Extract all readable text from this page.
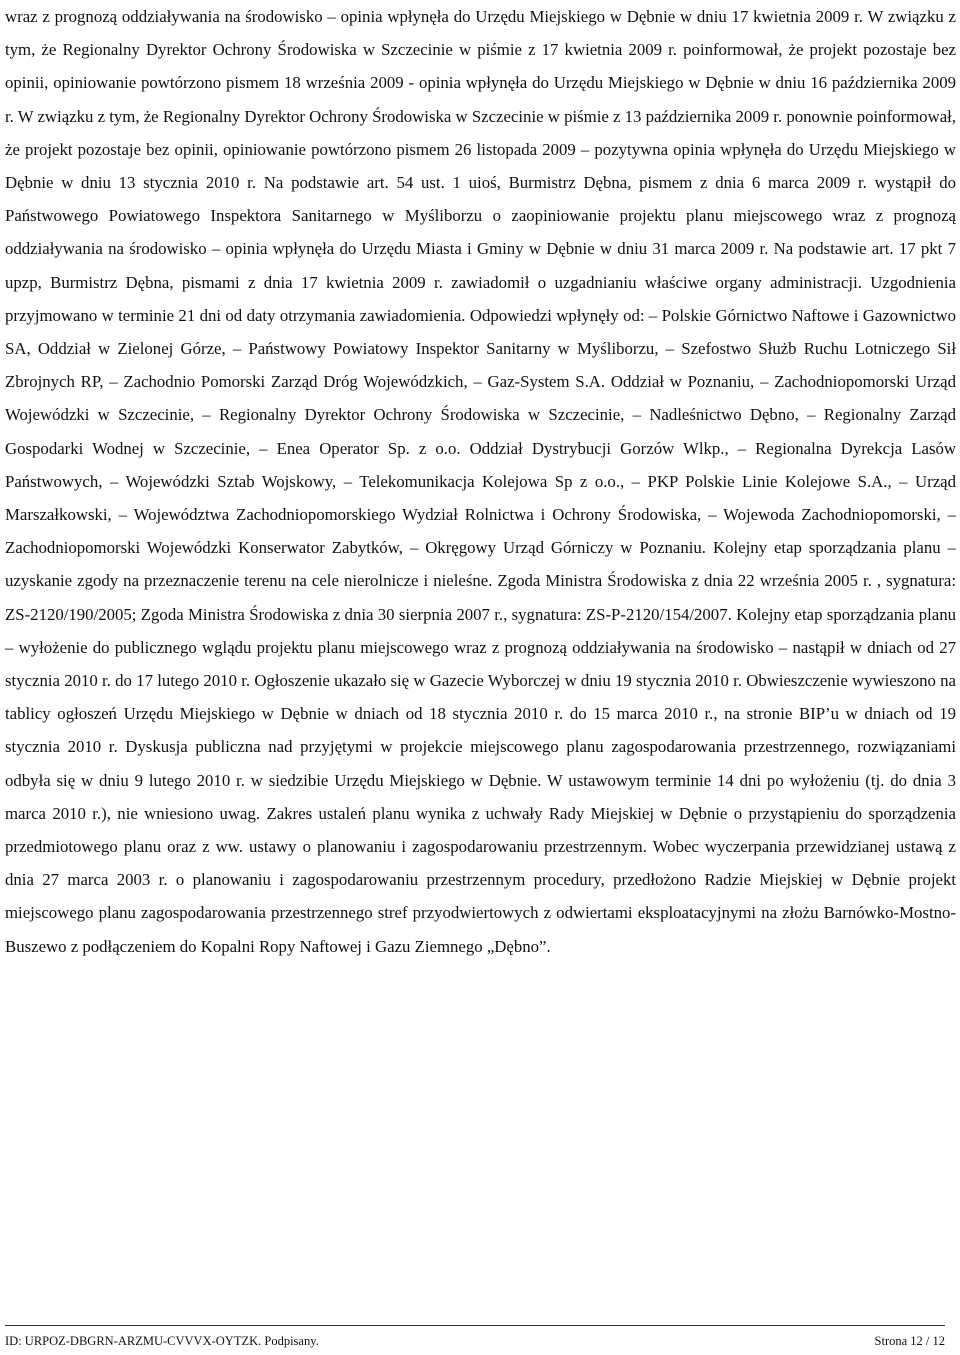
wraz z prognozą oddziaływania na środowisko – opinia wpłynęła do Urzędu Miejskiego w Dębnie w dniu 17 kwietnia 2009 r. W związku z tym, że Regionalny Dyrektor Ochrony Środowiska w Szczecinie w piśmie z 17 kwietnia 2009 r. poinformował, że projekt pozostaje bez opinii, opiniowanie powtórzono pismem 18 września 2009 - opinia wpłynęła do Urzędu Miejskiego w Dębnie w dniu 16 października 2009 r. W związku z tym, że Regionalny Dyrektor Ochrony Środowiska w Szczecinie w piśmie z 13 października 2009 r. ponownie poinformował, że projekt pozostaje bez opinii, opiniowanie powtórzono pismem 26 listopada 2009 – pozytywna opinia wpłynęła do Urzędu Miejskiego w Dębnie w dniu 13 stycznia 2010 r. Na podstawie art. 54 ust. 1 uioś, Burmistrz Dębna, pismem z dnia 6 marca 2009 r. wystąpił do Państwowego Powiatowego Inspektora Sanitarnego w Myśliborzu o zaopiniowanie projektu planu miejscowego wraz z prognozą oddziaływania na środowisko – opinia wpłynęła do Urzędu Miasta i Gminy w Dębnie w dniu 31 marca 2009 r. Na podstawie art. 17 pkt 7 upzp, Burmistrz Dębna, pismami z dnia 17 kwietnia 2009 r. zawiadomił o uzgadnianiu właściwe organy administracji. Uzgodnienia przyjmowano w terminie 21 dni od daty otrzymania zawiadomienia. Odpowiedzi wpłynęły od: – Polskie Górnictwo Naftowe i Gazownictwo SA, Oddział w Zielonej Górze, – Państwowy Powiatowy Inspektor Sanitarny w Myśliborzu, – Szefostwo Służb Ruchu Lotniczego Sił Zbrojnych RP, – Zachodnio Pomorski Zarząd Dróg Wojewódzkich, – Gaz-System S.A. Oddział w Poznaniu, – Zachodniopomorski Urząd Wojewódzki w Szczecinie, – Regionalny Dyrektor Ochrony Środowiska w Szczecinie, – Nadleśnictwo Dębno, – Regionalny Zarząd Gospodarki Wodnej w Szczecinie, – Enea Operator Sp. z o.o. Oddział Dystrybucji Gorzów Wlkp., – Regionalna Dyrekcja Lasów Państwowych, – Wojewódzki Sztab Wojskowy, – Telekomunikacja Kolejowa Sp z o.o., – PKP Polskie Linie Kolejowe S.A., – Urząd Marszałkowski, – Województwa Zachodniopomorskiego Wydział Rolnictwa i Ochrony Środowiska, – Wojewoda Zachodniopomorski, – Zachodniopomorski Wojewódzki Konserwator Zabytków, – Okręgowy Urząd Górniczy w Poznaniu. Kolejny etap sporządzania planu – uzyskanie zgody na przeznaczenie terenu na cele nierolnicze i nieleśne. Zgoda Ministra Środowiska z dnia 22 września 2005 r. , sygnatura: ZS-2120/190/2005; Zgoda Ministra Środowiska z dnia 30 sierpnia 2007 r., sygnatura: ZS-P-2120/154/2007. Kolejny etap sporządzania planu – wyłożenie do publicznego wglądu projektu planu miejscowego wraz z prognozą oddziaływania na środowisko – nastąpił w dniach od 27 stycznia 2010 r. do 17 lutego 2010 r. Ogłoszenie ukazało się w Gazecie Wyborczej w dniu 19 stycznia 2010 r. Obwieszczenie wywieszono na tablicy ogłoszeń Urzędu Miejskiego w Dębnie w dniach od 18 stycznia 2010 r. do 15 marca 2010 r., na stronie BIP’u w dniach od 19 stycznia 2010 r. Dyskusja publiczna nad przyjętymi w projekcie miejscowego planu zagospodarowania przestrzennego, rozwiązaniami odbyła się w dniu 9 lutego 2010 r. w siedzibie Urzędu Miejskiego w Dębnie. W ustawowym terminie 14 dni po wyłożeniu (tj. do dnia 3 marca 2010 r.), nie wniesiono uwag. Zakres ustaleń planu wynika z uchwały Rady Miejskiej w Dębnie o przystąpieniu do sporządzenia przedmiotowego planu oraz z ww. ustawy o planowaniu i zagospodarowaniu przestrzennym. Wobec wyczerpania przewidzianej ustawą z dnia 27 marca 2003 r. o planowaniu i zagospodarowaniu przestrzennym procedury, przedłożono Radzie Miejskiej w Dębnie projekt miejscowego planu zagospodarowania przestrzennego stref przyodwiertowych z odwiertami eksploatacyjnymi na złożu Barnówko-Mostno-Buszewo z podłączeniem do Kopalni Ropy Naftowej i Gazu Ziemnego „Dębno”.

ID: URPOZ-DBGRN-ARZMU-CVVVX-OYTZK. Podpisany.	Strona 12 / 12
